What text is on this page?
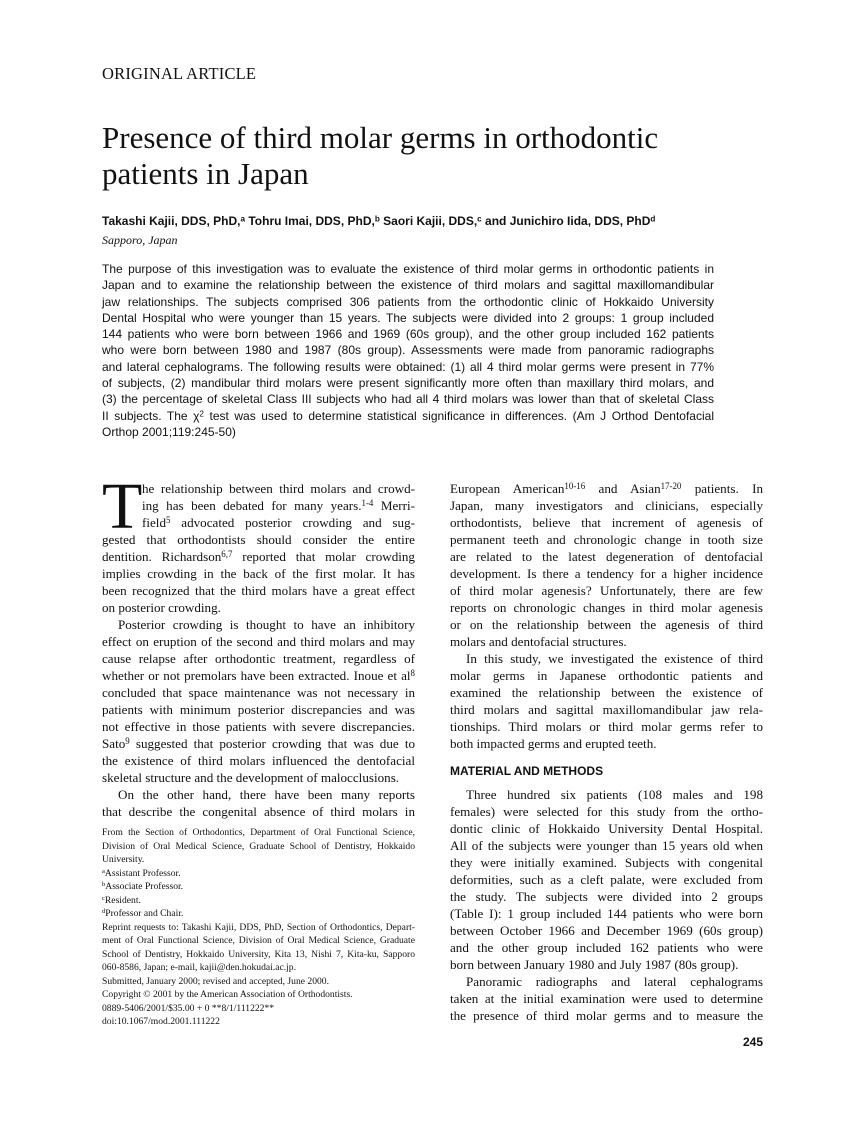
ORIGINAL ARTICLE
Presence of third molar germs in orthodontic
patients in Japan
Takashi Kajii, DDS, PhD,$^a$ Tohru Imai, DDS, PhD,$^b$ Saori Kajii, DDS,$^c$ and Junichiro Iida, DDS, PhD$^d$
Sapporo, Japan
The purpose of this investigation was to evaluate the existence of third molar germs in orthodontic patients in
Japan and to examine the relationship between the existence of third molars and sagittal maxillomandibular
jaw relationships. The subjects comprised 306 patients from the orthodontic clinic of Hokkaido University
Dental Hospital who were younger than 15 years. The subjects were divided into 2 groups: 1 group included
144 patients who were born between 1966 and 1969 (60s group), and the other group included 162 patients
who were born between 1980 and 1987 (80s group). Assessments were made from panoramic radiographs
and lateral cephalograms. The following results were obtained: (1) all 4 third molar germs were present in 77%
of subjects, (2) mandibular third molars were present significantly more often than maxillary third molars, and
(3) the percentage of skeletal Class III subjects who had all 4 third molars was lower than that of skeletal Class
II subjects. The $\chi^2$ test was used to determine statistical significance in differences. (Am J Orthod Dentofacial
Orthop 2001;119:245-50)
T he relationship between third molars and crowd-
ing has been debated for many years.$^{1-4}$ Merri-
field$^5$ advocated posterior crowding and sug-
gested that orthodontists should consider the entire
dentition. Richardson$^{6,7}$ reported that molar crowding
implies crowding in the back of the first molar. It has
been recognized that the third molars have a great effect
on posterior crowding.
Posterior crowding is thought to have an inhibitory
effect on eruption of the second and third molars and may
cause relapse after orthodontic treatment, regardless of
whether or not premolars have been extracted. Inoue et $al^8$
concluded that space maintenance was not necessary in
patients with minimum posterior discrepancies and was
not effective in those patients with severe discrepancies.
Sato$^9$ suggested that posterior crowding that was due to
the existence of third molars influenced the dentofacial
skeletal structure and the development of malocclusions.
On the other hand, there have been many reports
that describe the congenital absence of third molars in
European American$^{10-16}$ and Asian$^{17-20}$ patients. In
Japan, many investigators and clinicians, especially
orthodontists, believe that increment of agenesis of
permanent teeth and chronologic change in tooth size
are related to the latest degeneration of dentofacial
development. Is there a tendency for a higher incidence
of third molar agenesis? Unfortunately, there are few
reports on chronologic changes in third molar agenesis
or on the relationship between the agenesis of third
molars and dentofacial structures.
In this study, we investigated the existence of third
molar germs in Japanese orthodontic patients and
examined the relationship between the existence of
third molars and sagittal maxillomandibular jaw rela-
tionships. Third molars or third molar germs refer to
both impacted germs and erupted teeth.
MATERIAL AND METHODS
Three hundred six patients (108 males and 198
females) were selected for this study from the ortho-
dontic clinic of Hokkaido University Dental Hospital.
All of the subjects were younger than 15 years old when
they were initially examined. Subjects with congenital
deformities, such as a cleft palate, were excluded from
the study. The subjects were divided into 2 groups
(Table I): 1 group included 144 patients who were born
between October 1966 and December 1969 (60s group)
and the other group included 162 patients who were
born between January 1980 and July 1987 (80s group).
Panoramic radiographs and lateral cephalograms
taken at the initial examination were used to determine
the presence of third molar germs and to measure the
From the Section of Orthodontics, Department of Oral Functional Science,
Division of Oral Medical Science, Graduate School of Dentistry, Hokkaido
University.
$^a$Assistant Professor.
$^b$Associate Professor.
$^c$Resident.
$^d$Professor and Chair.
Reprint requests to: Takashi Kajii, DDS, PhD, Section of Orthodontics, Depart-
ment of Oral Functional Science, Division of Oral Medical Science, Graduate
School of Dentistry, Hokkaido University, Kita 13, Nishi 7, Kita-ku, Sapporo
060-8586, Japan; e-mail, kajii@den.hokudai.ac.jp.
Submitted, January 2000; revised and accepted, June 2000.
Copyright © 2001 by the American Association of Orthodontists.
0889-5406/2001/$35.00 + 0 **8/1/111222**
doi:10.1067/mod.2001.111222
245
